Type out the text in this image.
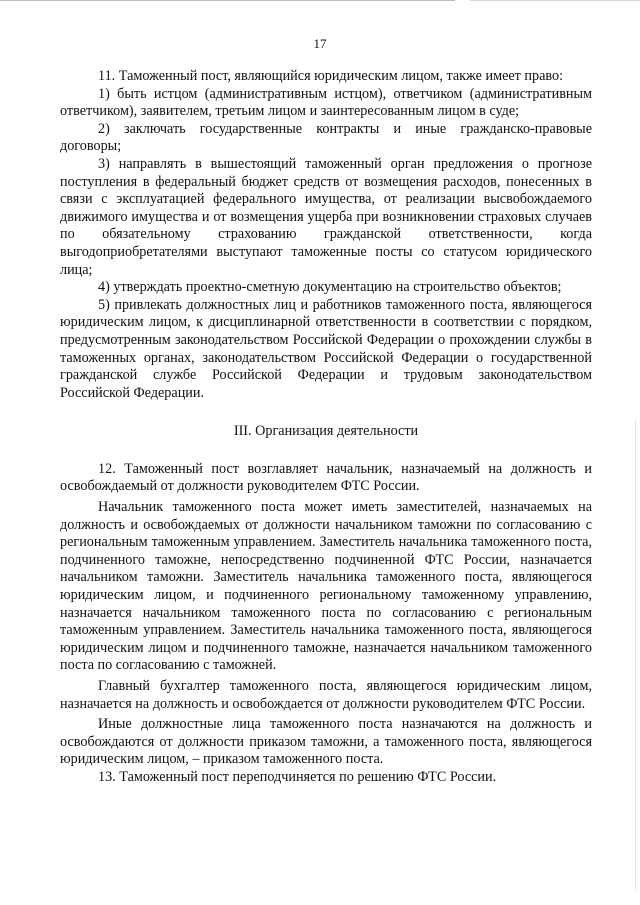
17

11. Таможенный пост, являющийся юридическим лицом, также имеет право:

1) быть истцом (административным истцом), ответчиком (административным ответчиком), заявителем, третьим лицом и заинтересованным лицом в суде;

2) заключать государственные контракты и иные гражданско-правовые договоры;

3) направлять в вышестоящий таможенный орган предложения о прогнозе поступления в федеральный бюджет средств от возмещения расходов, понесенных в связи с эксплуатацией федерального имущества, от реализации высвобождаемого движимого имущества и от возмещения ущерба при возникновении страховых случаев по обязательному страхованию гражданской ответственности, когда выгодоприобретателями выступают таможенные посты со статусом юридического лица;

4) утверждать проектно-сметную документацию на строительство объектов;

5) привлекать должностных лиц и работников таможенного поста, являющегося юридическим лицом, к дисциплинарной ответственности в соответствии с порядком, предусмотренным законодательством Российской Федерации о прохождении службы в таможенных органах, законодательством Российской Федерации о государственной гражданской службе Российской Федерации и трудовым законодательством Российской Федерации.

III. Организация деятельности

12. Таможенный пост возглавляет начальник, назначаемый на должность и освобождаемый от должности руководителем ФТС России.

Начальник таможенного поста может иметь заместителей, назначаемых на должность и освобождаемых от должности начальником таможни по согласованию с региональным таможенным управлением. Заместитель начальника таможенного поста, подчиненного таможне, непосредственно подчиненной ФТС России, назначается начальником таможни. Заместитель начальника таможенного поста, являющегося юридическим лицом, и подчиненного региональному таможенному управлению, назначается начальником таможенного поста по согласованию с региональным таможенным управлением. Заместитель начальника таможенного поста, являющегося юридическим лицом и подчиненного таможне, назначается начальником таможенного поста по согласованию с таможней.

Главный бухгалтер таможенного поста, являющегося юридическим лицом, назначается на должность и освобождается от должности руководителем ФТС России.

Иные должностные лица таможенного поста назначаются на должность и освобождаются от должности приказом таможни, а таможенного поста, являющегося юридическим лицом, – приказом таможенного поста.

13. Таможенный пост переподчиняется по решению ФТС России.
